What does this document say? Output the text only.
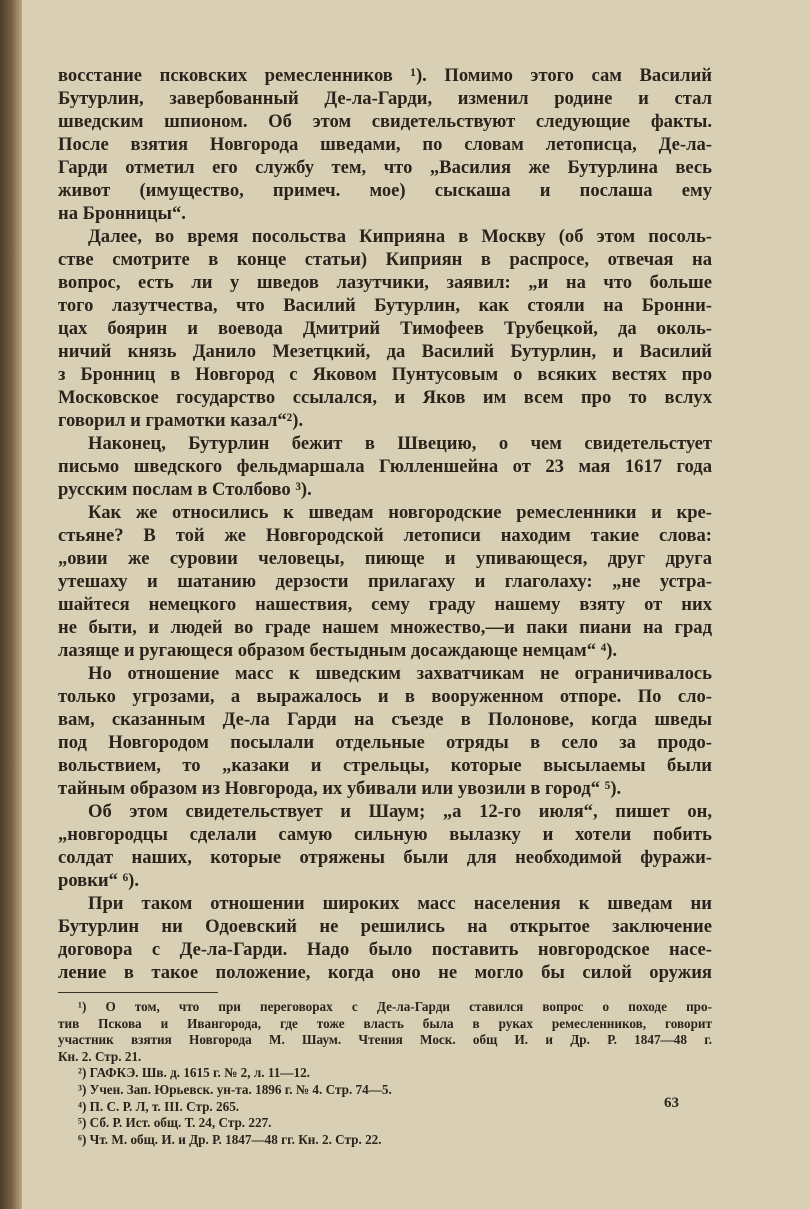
восстание псковских ремесленников ¹). Помимо этого сам Василий
Бутурлин, завербованный Де-ла-Гарди, изменил родине и стал
шведским шпионом. Об этом свидетельствуют следующие факты.
После взятия Новгорода шведами, по словам летописца, Де-ла-
Гарди отметил его службу тем, что „Василия же Бутурлина весь
живот (имущество, примеч. мое) сыскаша и послаша ему
на Бронницы“.
Далее, во время посольства Киприяна в Москву (об этом посоль-
стве смотрите в конце статьи) Киприян в распросе, отвечая на
вопрос, есть ли у шведов лазутчики, заявил: „и на что больше
того лазутчества, что Василий Бутурлин, как стояли на Бронни-
цах боярин и воевода Дмитрий Тимофеев Трубецкой, да околь-
ничий князь Данило Мезетцкий, да Василий Бутурлин, и Василий
з Бронниц в Новгород с Яковом Пунтусовым о всяких вестях про
Московское государство ссылался, и Яков им всем про то вслух
говорил и грамотки казал“²).
Наконец, Бутурлин бежит в Швецию, о чем свидетельстует
письмо шведского фельдмаршала Гюлленшейна от 23 мая 1617 года
русским послам в Столбово ³).
Как же относились к шведам новгородские ремесленники и кре-
стьяне? В той же Новгородской летописи находим такие слова:
„овии же суровии человецы, пиюще и упивающеся, друг друга
утешаху и шатанию дерзости прилагаху и глаголаху: „не устра-
шайтеся немецкого нашествия, сему граду нашему взяту от них
не быти, и людей во граде нашем множество,—и паки пиани на град
лазяще и ругающеся образом бестыдным досаждающе немцам“ ⁴).
Но отношение масс к шведским захватчикам не ограничивалось
только угрозами, а выражалось и в вооруженном отпоре. По сло-
вам, сказанным Де-ла Гарди на съезде в Полонове, когда шведы
под Новгородом посылали отдельные отряды в село за продо-
вольствием, то „казаки и стрельцы, которые высылаемы были
тайным образом из Новгорода, их убивали или увозили в город“ ⁵).
Об этом свидетельствует и Шаум; „а 12-го июля“, пишет он,
„новгородцы сделали самую сильную вылазку и хотели побить
солдат наших, которые отряжены были для необходимой фуражи-
ровки“ ⁶).
При таком отношении широких масс населения к шведам ни
Бутурлин ни Одоевский не решились на открытое заключение
договора с Де-ла-Гарди. Надо было поставить новгородское насе-
ление в такое положение, когда оно не могло бы силой оружия
¹) О том, что при переговорах с Де-ла-Гарди ставился вопрос о походе про-
тив Пскова и Ивангорода, где тоже власть была в руках ремесленников, говорит
участник взятия Новгорода М. Шаум. Чтения Моск. общ И. и Др. Р. 1847—48 г.
Кн. 2. Стр. 21.
²) ГАФКЭ. Шв. д. 1615 г. № 2, л. 11—12.
³) Учен. Зап. Юрьевск. ун-та. 1896 г. № 4. Стр. 74—5.
⁴) П. С. Р. Л, т. III. Стр. 265.
⁵) Сб. Р. Ист. общ. Т. 24, Стр. 227.
⁶) Чт. М. общ. И. и Др. Р. 1847—48 гг. Кн. 2. Стр. 22.
63
